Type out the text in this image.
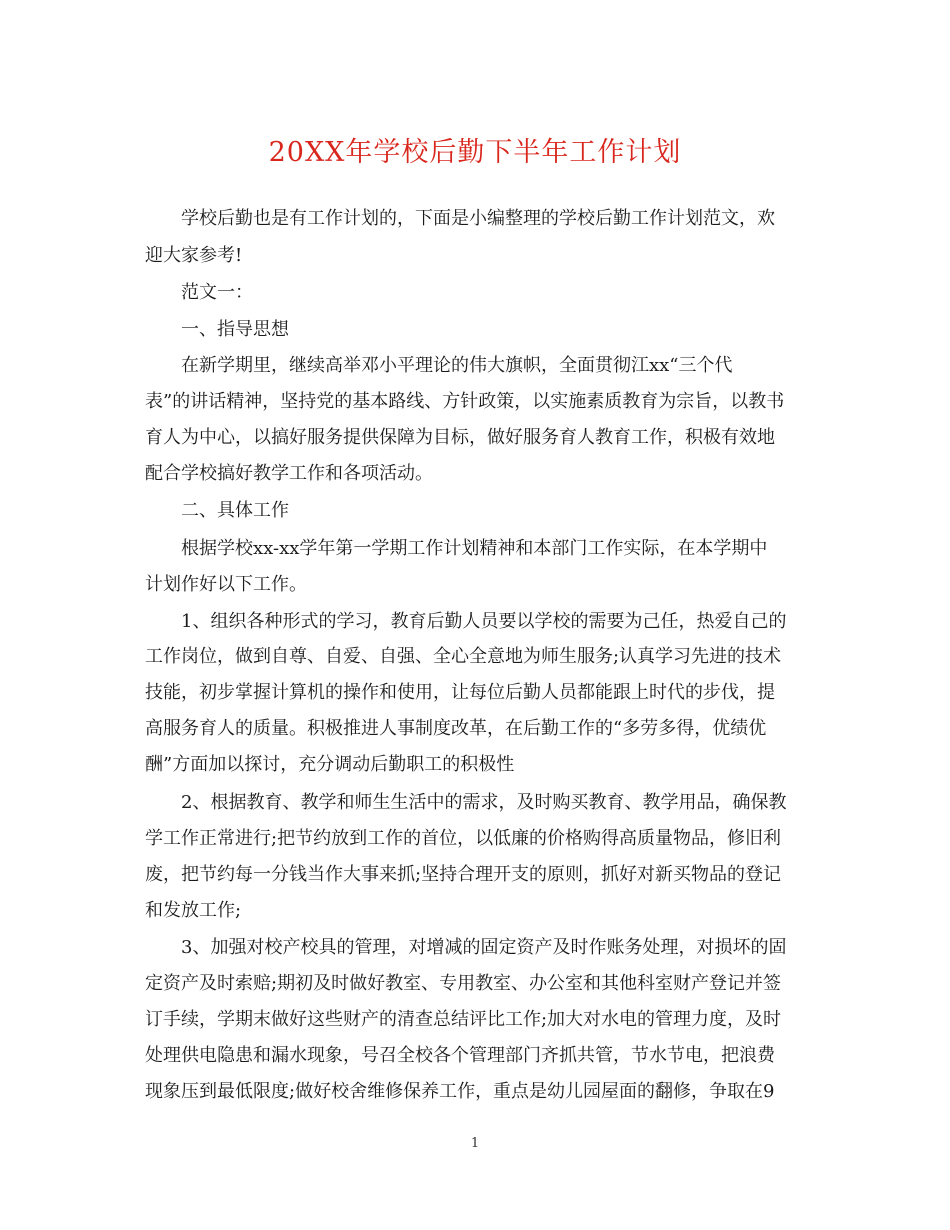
20XX年学校后勤下半年工作计划
学校后勤也是有工作计划的，下面是小编整理的学校后勤工作计划范文，欢
迎大家参考!
范文一：
一、指导思想
在新学期里，继续高举邓小平理论的伟大旗帜，全面贯彻江xx“三个代
表”的讲话精神，坚持党的基本路线、方针政策，以实施素质教育为宗旨，以教书
育人为中心，以搞好服务提供保障为目标，做好服务育人教育工作，积极有效地
配合学校搞好教学工作和各项活动。
二、具体工作
根据学校xx-xx学年第一学期工作计划精神和本部门工作实际，在本学期中
计划作好以下工作。
1、组织各种形式的学习，教育后勤人员要以学校的需要为己任，热爱自己的
工作岗位，做到自尊、自爱、自强、全心全意地为师生服务;认真学习先进的技术
技能，初步掌握计算机的操作和使用，让每位后勤人员都能跟上时代的步伐，提
高服务育人的质量。积极推进人事制度改革，在后勤工作的“多劳多得，优绩优
酬”方面加以探讨，充分调动后勤职工的积极性
2、根据教育、教学和师生生活中的需求，及时购买教育、教学用品，确保教
学工作正常进行;把节约放到工作的首位，以低廉的价格购得高质量物品，修旧利
废，把节约每一分钱当作大事来抓;坚持合理开支的原则，抓好对新买物品的登记
和发放工作;
3、加强对校产校具的管理，对增减的固定资产及时作账务处理，对损坏的固
定资产及时索赔;期初及时做好教室、专用教室、办公室和其他科室财产登记并签
订手续，学期末做好这些财产的清查总结评比工作;加大对水电的管理力度，及时
处理供电隐患和漏水现象，号召全校各个管理部门齐抓共管，节水节电，把浪费
现象压到最低限度;做好校舍维修保养工作，重点是幼儿园屋面的翻修，争取在9
1
